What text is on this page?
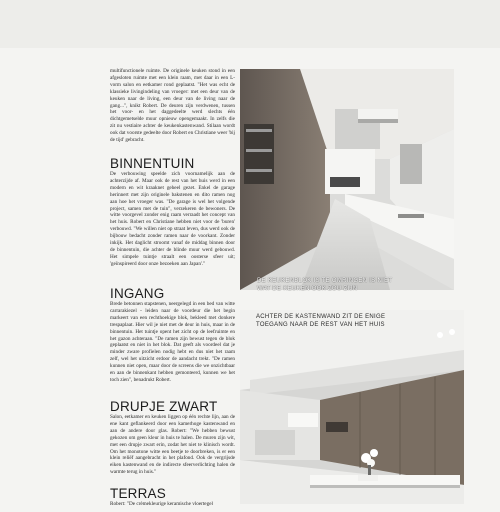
multifunctionele ruimte. De originele keuken stond in een afgesloten ruimte met een klein raam, met daar in een L-vorm salon en eetkamer rond geplaatst. "Het was echt de klassieke livingindeling van vroeger: met een deur van de keuken naar de living, een deur van de living naar de gang...", knikt Robert. De deuren zijn verdwenen, tussen het voor- en het daggedeelte werd slechts één dichtgemetselde muur opnieuw opengemaakt. In zelfs die zit nu vestiaire achter de keukenkastenwand. Stilaan wordt ook dat voorste gedeelte door Robert en Christiane weer 'bij de tijd' gebracht.

BINNENTUIN

De verbouwing speelde zich voornamelijk aan de achterzijde af. Maar ook de rest van het huis werd in een modern en wit kraaknet geheel gezet. Enkel de garage herinnert met zijn originele bakstenen en dito ramen nog aan hoe het vroeger was. "De garage is wel het volgende project, samen met de tuin", verzekeren de bewoners. De witte voorgevel zonder enig raam verraadt het concept van het huis. Robert en Christiane hebben niet voor de 'buren' verbouwd. "We willen niet op straat leven, dus werd ook de bijbouw bedacht zonder ramen naar de voorkant. Zonder inkijk. Het daglicht stroomt vanaf de middag binnen door de binnentuin, die achter de blinde muur werd gebouwd. Het simpele tuintje straalt een oosterse sfeer uit; 'geïnspireerd door onze bezoeken aan Japan'."

INGANG

Brede betonnen stapstenen, neergelegd in een bed van witte carrarakiezel - leiden naar de voordeur die het begin markeert van een rechthoekige blok, bekleed met donkere trespaplaat. Hier wil je niet met de deur in huis, maar in de binnentuin. Het tuintje opent het zicht op de leefruimte en het gazon achteraan. "De ramen zijn bewust tegen de blok geplaatst en niet in het blok. Dat geeft als voordeel dat je minder zware profielen nodig hebt en dus niet het raam zelf, wel het uitzicht erdoor de aandacht trekt. "De ramen kunnen niet open, maar door de screens die we onzichtbaar en aan de binnenkant hebben gemonteerd, kunnen we het toch zien", benadrukt Robert.

DRUPJE ZWART

Salon, eetkamer en keuken liggen op één rechte lijn, aan de ene kant geflankeerd door een kamerhoge kastenwand en aan de andere door glas. Robert: "We hebben bewust gekozen om geen kleur in huis te halen. De muren zijn wit, met een drupje zwart erin, zodat het niet te klinisch wordt. Om het monotone witte een beetje te doorbreken, is er een klein reliëf aangebracht in het plafond. Ook de vergrijsde eiken kastenwand en de indirecte sfeerverlichting halen de warmte terug in huis."

TERRAS

Robert: "De crèmekleurige keramische vloertegel

DE KEUKENBLOK IS TE OMRINGEN IS NIET WAT DE KEUKEN OOK ZOU ZIJN
ACHTER DE KASTENWAND ZIT DE ENIGE TOEGANG NAAR DE REST VAN HET HUIS
